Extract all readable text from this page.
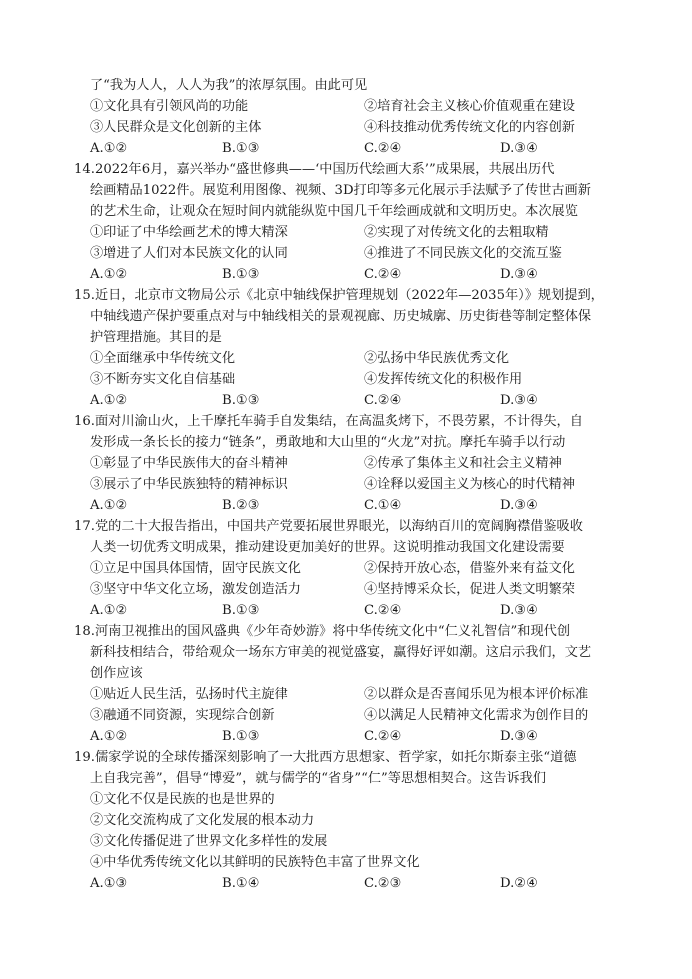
了“我为人人，人人为我”的浓厚氛围。由此可见
①文化具有引领风尚的功能	②培育社会主义核心价值观重在建设
③人民群众是文化创新的主体	④科技推动优秀传统文化的内容创新
A.①②	B.①③	C.②④	D.③④
14.2022年6月，嘉兴举办“盛世修典——‘中国历代绘画大系’”成果展，共展出历代
绘画精品1022件。展览利用图像、视频、3D打印等多元化展示手法赋予了传世古画新
的艺术生命，让观众在短时间内就能纵览中国几千年绘画成就和文明历史。本次展览
①印证了中华绘画艺术的博大精深	②实现了对传统文化的去粗取精
③增进了人们对本民族文化的认同	④推进了不同民族文化的交流互鉴
A.①②	B.①③	C.②④	D.③④
15.近日，北京市文物局公示《北京中轴线保护管理规划（2022年—2035年）》规划提到，
中轴线遗产保护要重点对与中轴线相关的景观视廊、历史城廓、历史街巷等制定整体保
护管理措施。其目的是
①全面继承中华传统文化	②弘扬中华民族优秀文化
③不断夯实文化自信基础	④发挥传统文化的积极作用
A.①②	B.①③	C.②④	D.③④
16.面对川渝山火，上千摩托车骑手自发集结，在高温炙烤下，不畏劳累，不计得失，自
发形成一条长长的接力“链条”，勇敢地和大山里的“火龙”对抗。摩托车骑手以行动
①彰显了中华民族伟大的奋斗精神	②传承了集体主义和社会主义精神
③展示了中华民族独特的精神标识	④诠释以爱国主义为核心的时代精神
A.①②	B.②③	C.①④	D.③④
17.党的二十大报告指出，中国共产党要拓展世界眼光，以海纳百川的宽阔胸襟借鉴吸收
人类一切优秀文明成果，推动建设更加美好的世界。这说明推动我国文化建设需要
①立足中国具体国情，固守民族文化	②保持开放心态，借鉴外来有益文化
③坚守中华文化立场，激发创造活力	④坚持博采众长，促进人类文明繁荣
A.①②	B.①③	C.②④	D.③④
18.河南卫视推出的国风盛典《少年奇妙游》将中华传统文化中“仁义礼智信”和现代创
新科技相结合，带给观众一场东方审美的视觉盛宴，赢得好评如潮。这启示我们，文艺
创作应该
①贴近人民生活，弘扬时代主旋律	②以群众是否喜闻乐见为根本评价标准
③融通不同资源，实现综合创新	④以满足人民精神文化需求为创作目的
A.①②	B.①③	C.②④	D.③④
19.儒家学说的全球传播深刻影响了一大批西方思想家、哲学家，如托尔斯泰主张“道德
上自我完善”，倡导“博爱”，就与儒学的“省身”“仁”等思想相契合。这告诉我们
①文化不仅是民族的也是世界的
②文化交流构成了文化发展的根本动力
③文化传播促进了世界文化多样性的发展
④中华优秀传统文化以其鲜明的民族特色丰富了世界文化
A.①③	B.①④	C.②③	D.②④
